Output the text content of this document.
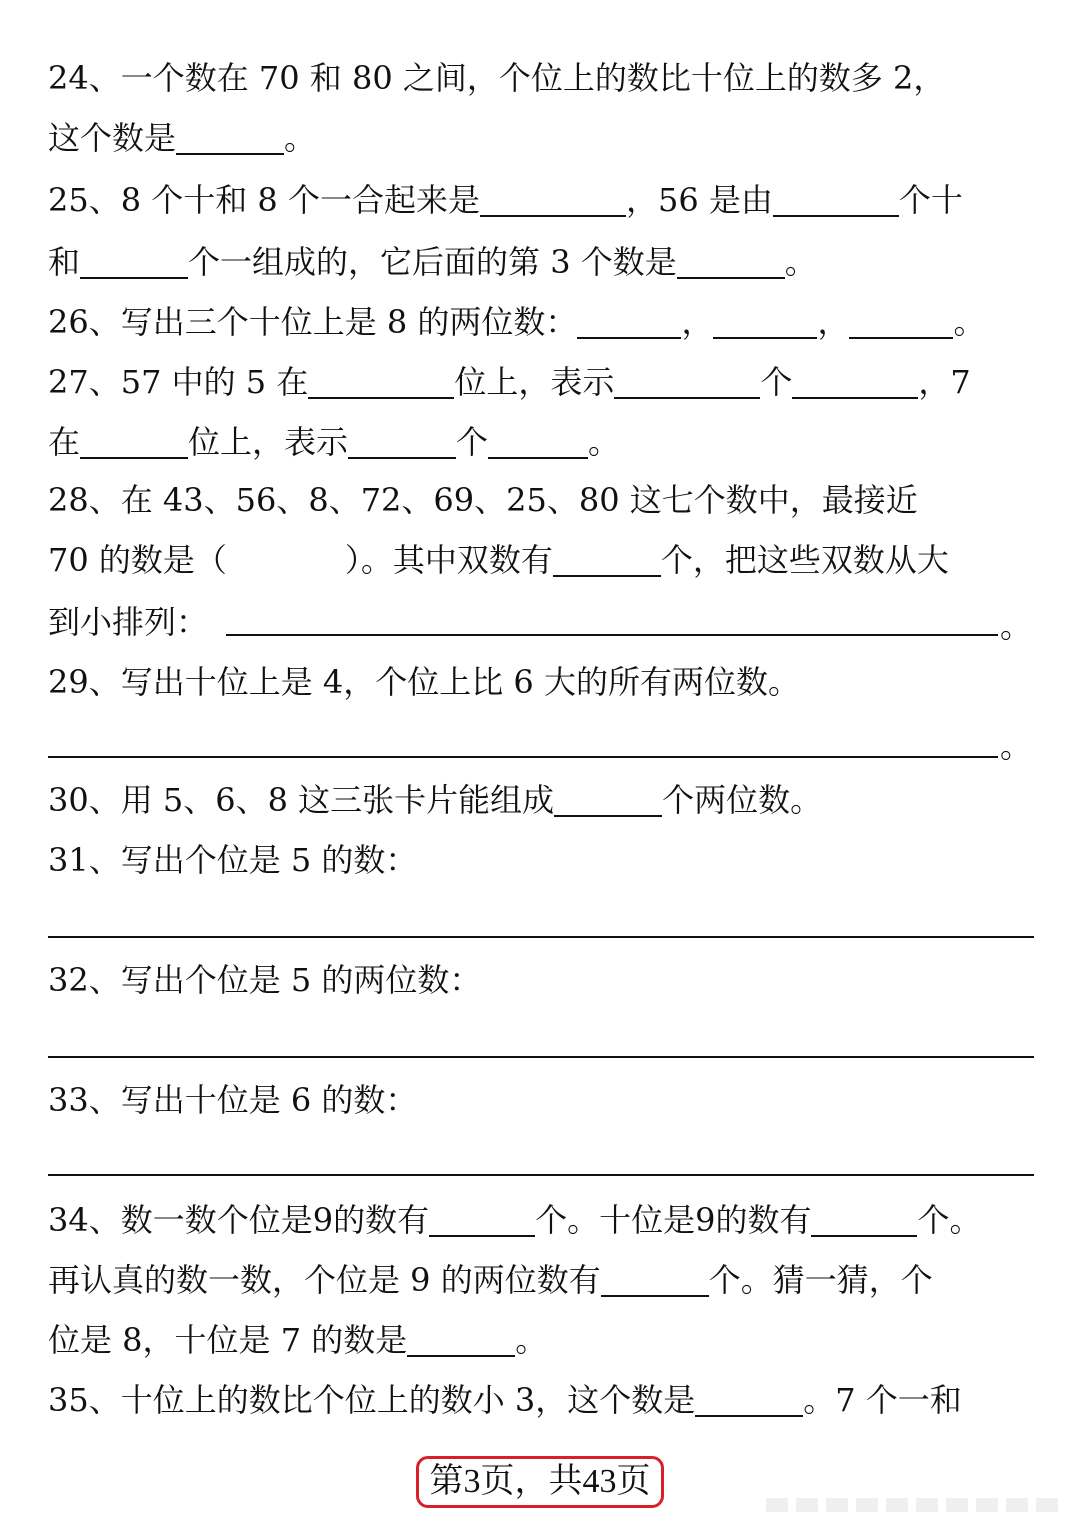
24、一个数在 70 和 80 之间，个位上的数比十位上的数多 2，
这个数是	。
25、8 个十和 8 个一合起来是	，56 是由	个十
和	个一组成的，它后面的第 3 个数是	。
26、写出三个十位上是 8 的两位数：	，	，	。
27、57 中的 5 在	位上，表示	个	，7
在	位上，表示	个	。
28、在 43、56、8、72、69、25、80 这七个数中，最接近
70 的数是（	）。其中双数有	个，把这些双数从大
到小排列：	。
29、写出十位上是 4，个位上比 6 大的所有两位数。
。
30、用 5、6、8 这三张卡片能组成	个两位数。
31、写出个位是 5 的数：
32、写出个位是 5 的两位数：
33、写出十位是 6 的数：
34、数一数个位是9的数有	个。十位是9的数有	个。
再认真的数一数，个位是 9 的两位数有	个。猜一猜，个
位是 8，十位是 7 的数是	。
35、十位上的数比个位上的数小 3，这个数是	。7 个一和
第3页，共43页
